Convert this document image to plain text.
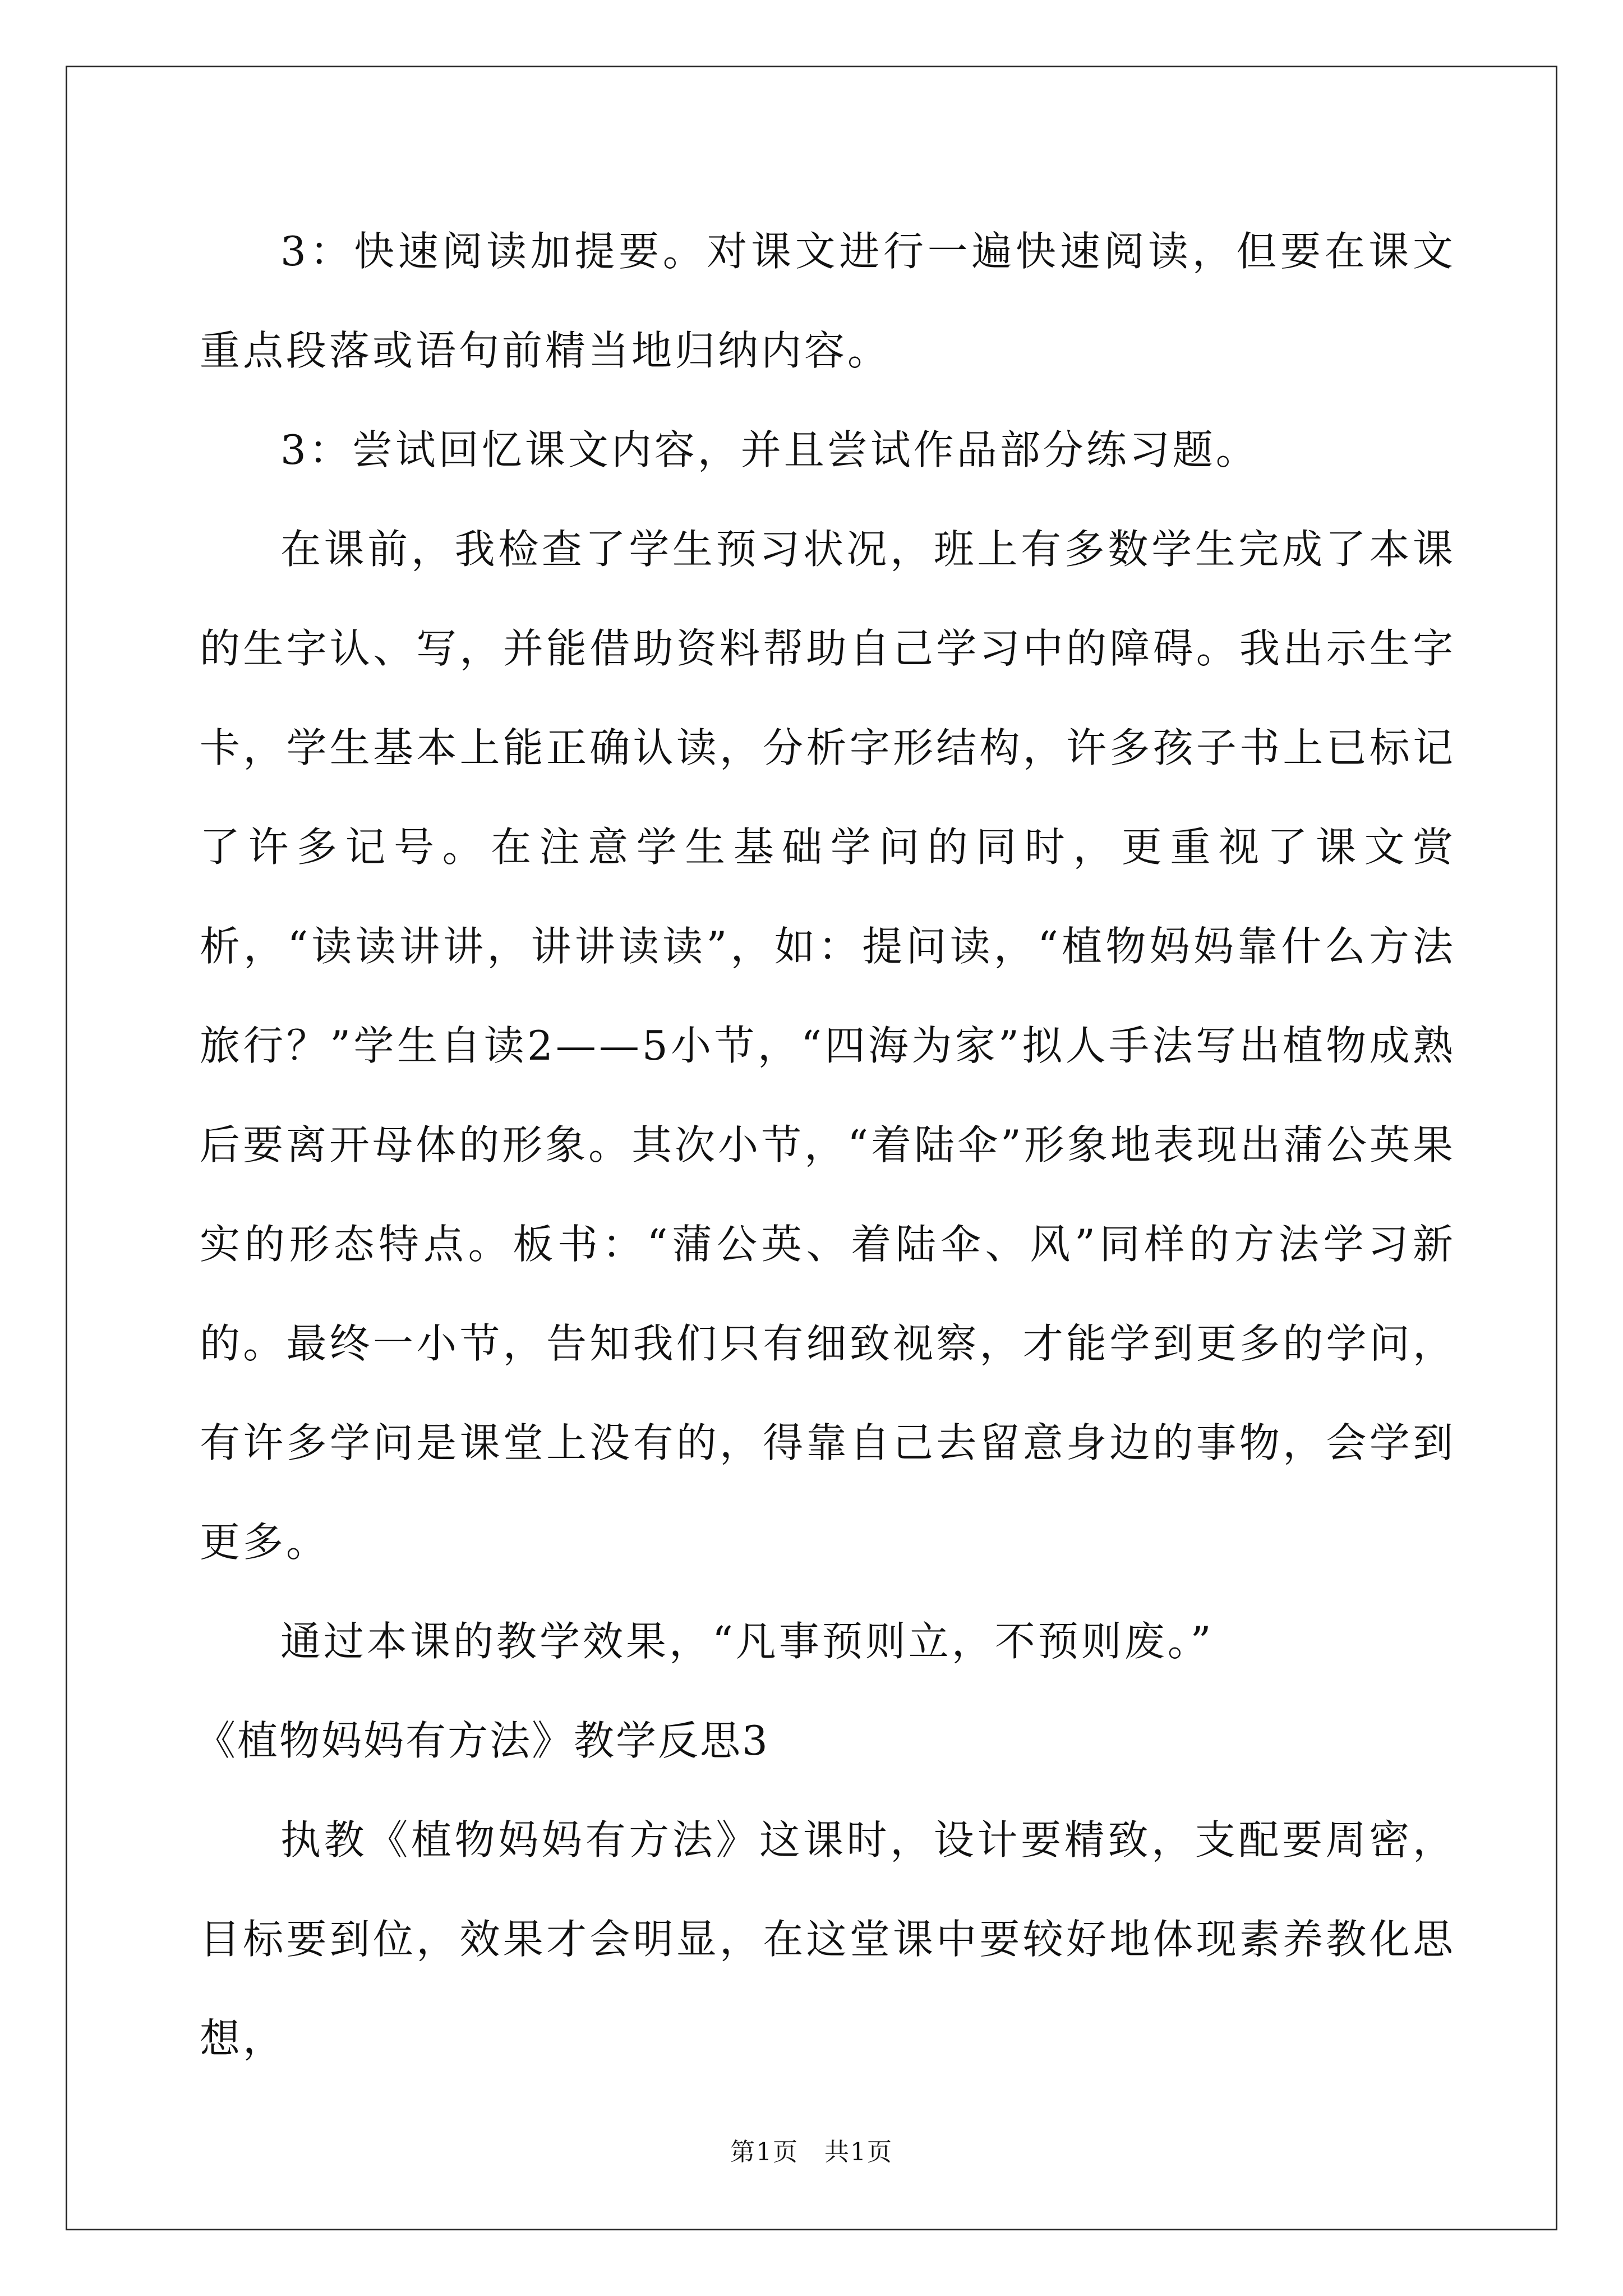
3：快速阅读加提要。对课文进行一遍快速阅读，但要在课文重点段落或语句前精当地归纳内容。

3：尝试回忆课文内容，并且尝试作品部分练习题。

在课前，我检查了学生预习状况，班上有多数学生完成了本课的生字认、写，并能借助资料帮助自己学习中的障碍。我出示生字卡，学生基本上能正确认读，分析字形结构，许多孩子书上已标记了许多记号。在注意学生基础学问的同时，更重视了课文赏析，“读读讲讲，讲讲读读”，如：提问读，“植物妈妈靠什么方法旅行？”学生自读2——5小节，“四海为家”拟人手法写出植物成熟后要离开母体的形象。其次小节，“着陆伞”形象地表现出蒲公英果实的形态特点。板书：“蒲公英、着陆伞、风”同样的方法学习新的。最终一小节，告知我们只有细致视察，才能学到更多的学问，有许多学问是课堂上没有的，得靠自己去留意身边的事物，会学到更多。

通过本课的教学效果，“凡事预则立，不预则废。”

《植物妈妈有方法》教学反思3

执教《植物妈妈有方法》这课时，设计要精致，支配要周密，目标要到位，效果才会明显，在这堂课中要较好地体现素养教化思想，

第1页　共1页
